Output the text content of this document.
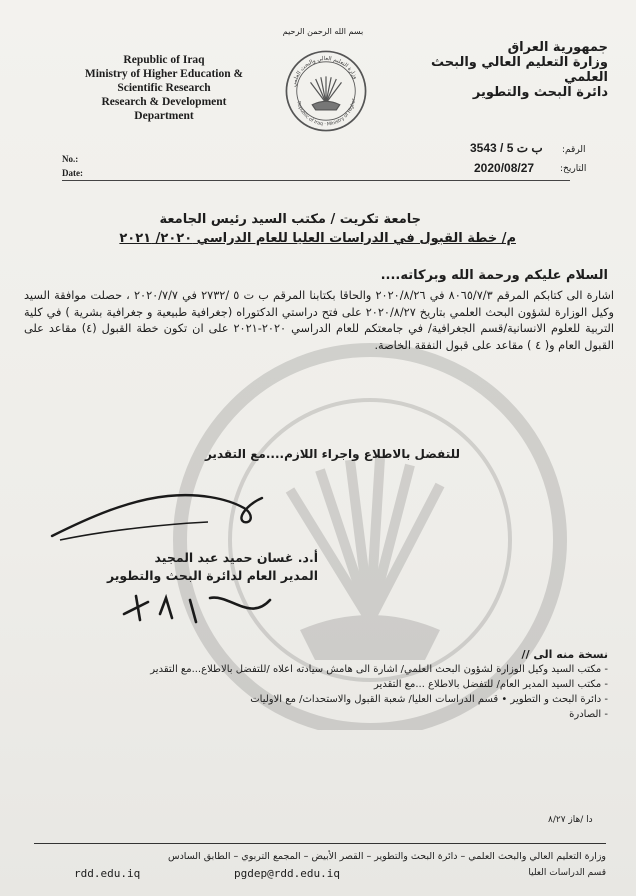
Republic of Iraq
Ministry of Higher Education &
Scientific Research
Research & Development
Department
بسم الله الرحمن الرحيم
وزارة التعليم العالي والبحث العلمي
Republic of Iraq · Ministry of Higher
جمهورية العراق
وزارة التعليم العالي والبحث العلمي
دائرة البحث والتطوير
الرقم:
ب ت 5 / 3543
التاريخ:
2020/08/27
No.:
Date:
جامعة تكريت / مكتب السيد رئيس الجامعة
م/ خطة القبول في الدراسات العليا للعام الدراسي ٢٠٢٠/ ٢٠٢١
السلام عليكم ورحمة الله وبركاته....
اشارة الى كتابكم المرقم ٨٠٦٥/٧/٣ في ٢٠٢٠/٨/٢٦ والحاقا بكتابنا المرقم ب ت ٥ /٢٧٣٢ في ٢٠٢٠/٧/٧ ، حصلت موافقة السيد وكيل الوزارة لشؤون البحث العلمي بتاريخ ٢٠٢٠/٨/٢٧ على فتح دراستي الدكتوراه (جغرافية طبيعية و جغرافية بشرية ) في كلية التربية للعلوم الانسانية/قسم الجغرافية/ في جامعتكم للعام الدراسي ٢٠٢٠-٢٠٢١ على ان تكون خطة القبول (٤) مقاعد على القبول العام و( ٤ ) مقاعد على قبول النفقة الخاصة.
للتفضل بالاطلاع واجراء اللازم....مع التقدير
أ.د. غسان حميد عبد المجيد
المدير العام لدائرة البحث والتطوير
نسخة منه الى //
- مكتب السيد وكيل الوزارة لشؤون البحث العلمي/ اشارة الى هامش سيادته اعلاه /للتفضل بالاطلاع...مع التقدير
- مكتب السيد المدير العام/ للتفضل بالاطلاع ...مع التقدير
- دائرة البحث و التطوير • قسم الدراسات العليا/ شعبة القبول والاستحداث/ مع الاوليات
- الصادرة
دا /هاز ٨/٢٧
وزارة التعليم العالي والبحث العلمي – دائرة البحث والتطوير – القصر الأبيض – المجمع التربوي – الطابق السادس
قسم الدراسات العليا
pgdep@rdd.edu.iq
rdd.edu.iq
